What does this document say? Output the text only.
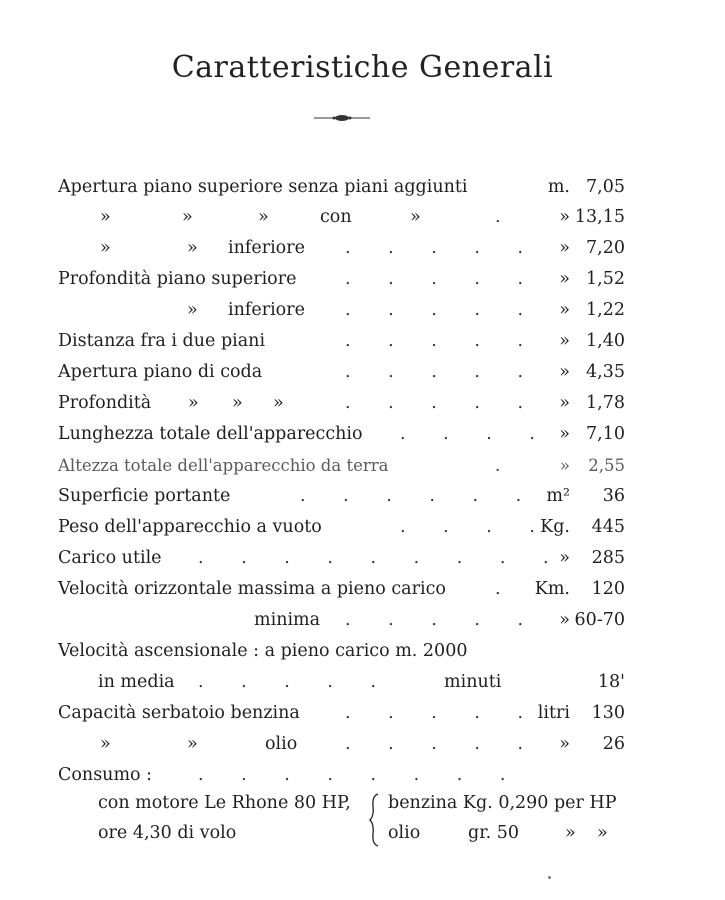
Caratteristiche Generali
Apertura piano superiore senza piani aggiunti	m. 7,05
»	»	»	con	»	.	» 13,15
»	» inferiore . . . . .	» 7,20
Profondità piano superiore	. . . . .	» 1,52
» inferiore . . . . .	» 1,22
Distanza fra i due piani	. . . . .	» 1,40
Apertura piano di coda	. . . . .	» 4,35
Profondità » » »	. . . . .	» 1,78
Lunghezza totale dell'apparecchio . . . .	» 7,10
Altezza totale dell'apparecchio da terra	.	» 2,55
Superficie portante	. . . . . .	m² 36
Peso dell'apparecchio a vuoto	. . . . Kg. 445
Carico utile . . . . . . . . . » 285
Velocità orizzontale massima a pieno carico	.	Km. 120
minima . . . . .	» 60-70
Velocità ascensionale : a pieno carico m. 2000
in media . . . . .	minuti	18'
Capacità serbatoio benzina	. . . . . litri 130
»	»	olio	. . . . .	» 26
Consumo :	. . . . . . . .
con motore Le Rhone 80 HP, benzina Kg. 0,290 per HP
ore 4,30 di volo	olio	gr. 50	» »
